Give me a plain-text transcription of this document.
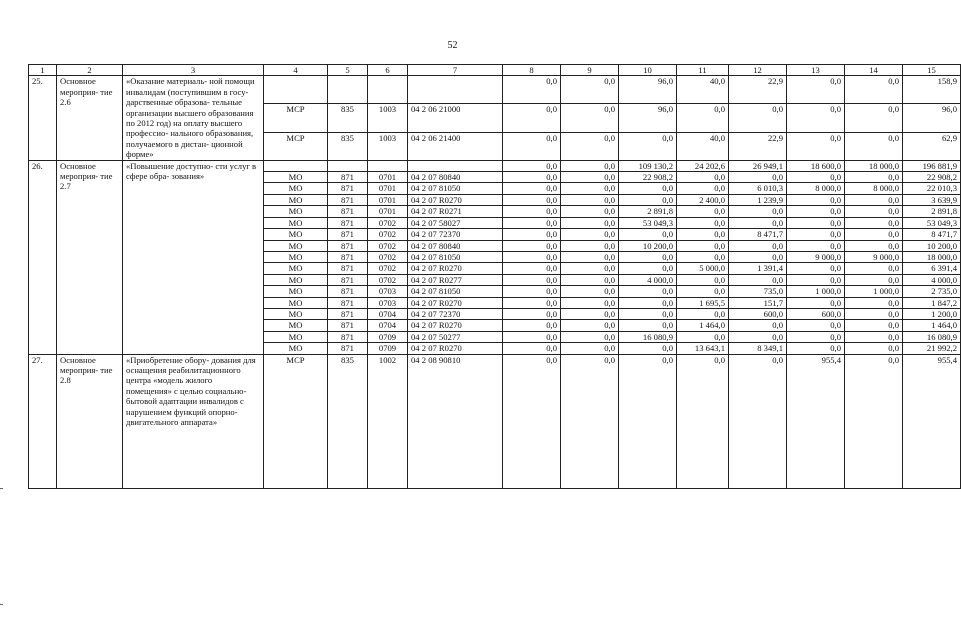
52
1	2	3	4	5	6	7	8	9	10	11	12	13	14	15
25.	Основное мероприя- тие 2.6	«Оказание материаль- ной помощи инвалидам (поступившим в госу- дарственные образова- тельные организации высшего образования по 2012 год) на оплату высшего профессио- нального образования, получаемого в дистан- ционной форме»					0,0	0,0	96,0	40,0	22,9	0,0	0,0	158,9
			МСР	835	1003	04 2 06 21000	0,0	0,0	96,0	0,0	0,0	0,0	0,0	96,0
			МСР	835	1003	04 2 06 21400	0,0	0,0	0,0	40,0	22,9	0,0	0,0	62,9
26.	Основное мероприя- тие 2.7	«Повышение доступно- сти услуг в сфере обра- зования»					0,0	0,0	109 130,2	24 202,6	26 949,1	18 600,0	18 000,0	196 881,9
			МО	871	0701	04 2 07 80840	0,0	0,0	22 908,2	0,0	0,0	0,0	0,0	22 908,2
			МО	871	0701	04 2 07 81050	0,0	0,0	0,0	0,0	6 010,3	8 000,0	8 000,0	22 010,3
			МО	871	0701	04 2 07 R0270	0,0	0,0	0,0	2 400,0	1 239,9	0,0	0,0	3 639,9
			МО	871	0701	04 2 07 R0271	0,0	0,0	2 891,8	0,0	0,0	0,0	0,0	2 891,8
			МО	871	0702	04 2 07 58027	0,0	0,0	53 049,3	0,0	0,0	0,0	0,0	53 049,3
			МО	871	0702	04 2 07 72370	0,0	0,0	0,0	0,0	8 471,7	0,0	0,0	8 471,7
			МО	871	0702	04 2 07 80840	0,0	0,0	10 200,0	0,0	0,0	0,0	0,0	10 200,0
			МО	871	0702	04 2 07 81050	0,0	0,0	0,0	0,0	0,0	9 000,0	9 000,0	18 000,0
			МО	871	0702	04 2 07 R0270	0,0	0,0	0,0	5 000,0	1 391,4	0,0	0,0	6 391,4
			МО	871	0702	04 2 07 R0277	0,0	0,0	4 000,0	0,0	0,0	0,0	0,0	4 000,0
			МО	871	0703	04 2 07 81050	0,0	0,0	0,0	0,0	735,0	1 000,0	1 000,0	2 735,0
			МО	871	0703	04 2 07 R0270	0,0	0,0	0,0	1 695,5	151,7	0,0	0,0	1 847,2
			МО	871	0704	04 2 07 72370	0,0	0,0	0,0	0,0	600,0	600,0	0,0	1 200,0
			МО	871	0704	04 2 07 R0270	0,0	0,0	0,0	1 464,0	0,0	0,0	0,0	1 464,0
			МО	871	0709	04 2 07 50277	0,0	0,0	16 080,9	0,0	0,0	0,0	0,0	16 080,9
			МО	871	0709	04 2 07 R0270	0,0	0,0	0,0	13 643,1	8 349,1	0,0	0,0	21 992,2
27.	Основное мероприя- тие 2.8	«Приобретение обору- дования для оснащения реабилитационного центра «модель жилого помещения» с целью социально-бытовой адаптации инвалидов с нарушением функций опорно-двигательного аппарата»	МСР	835	1002	04 2 08 90810	0,0	0,0	0,0	0,0	0,0	955,4	0,0	955,4
